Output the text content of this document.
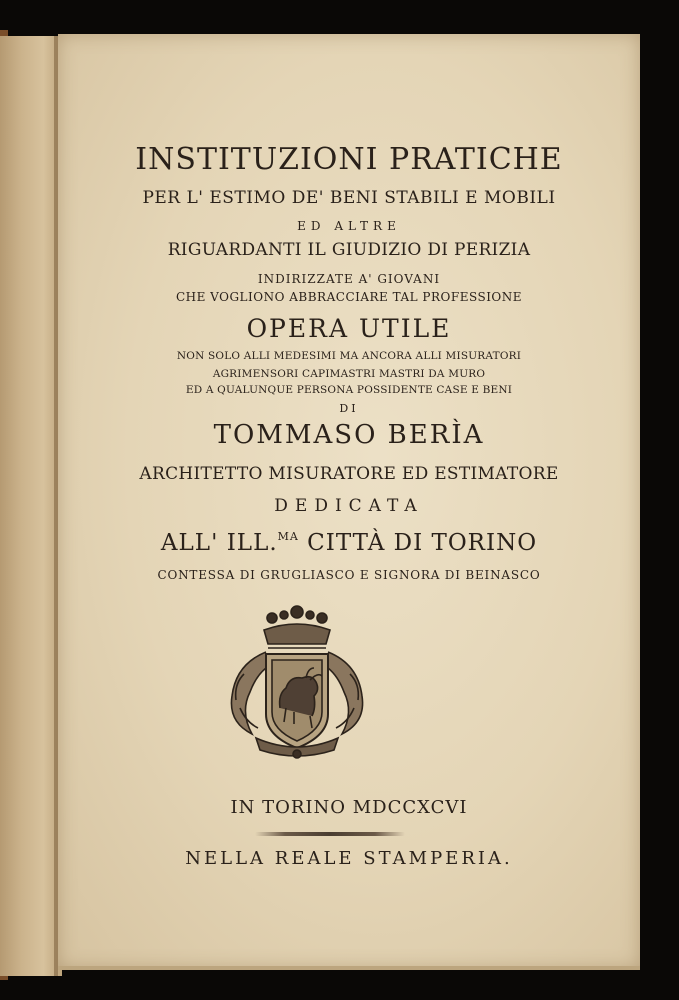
INSTITUZIONI PRATICHE
PER L' ESTIMO DE' BENI STABILI E MOBILI
ED ALTRE
RIGUARDANTI IL GIUDIZIO DI PERIZIA
INDIRIZZATE A' GIOVANI
CHE VOGLIONO ABBRACCIARE TAL PROFESSIONE
OPERA UTILE
NON SOLO ALLI MEDESIMI MA ANCORA ALLI MISURATORI
AGRIMENSORI CAPIMASTRI MASTRI DA MURO
ED A QUALUNQUE PERSONA POSSIDENTE CASE E BENI
DI
TOMMASO BERÌA
ARCHITETTO MISURATORE ED ESTIMATORE
DEDICATA
ALL' ILL.$^{MA}$ CITTÀ DI TORINO
CONTESSA DI GRUGLIASCO E SIGNORA DI BEINASCO
IN TORINO MDCCXCVI
NELLA REALE STAMPERIA.
